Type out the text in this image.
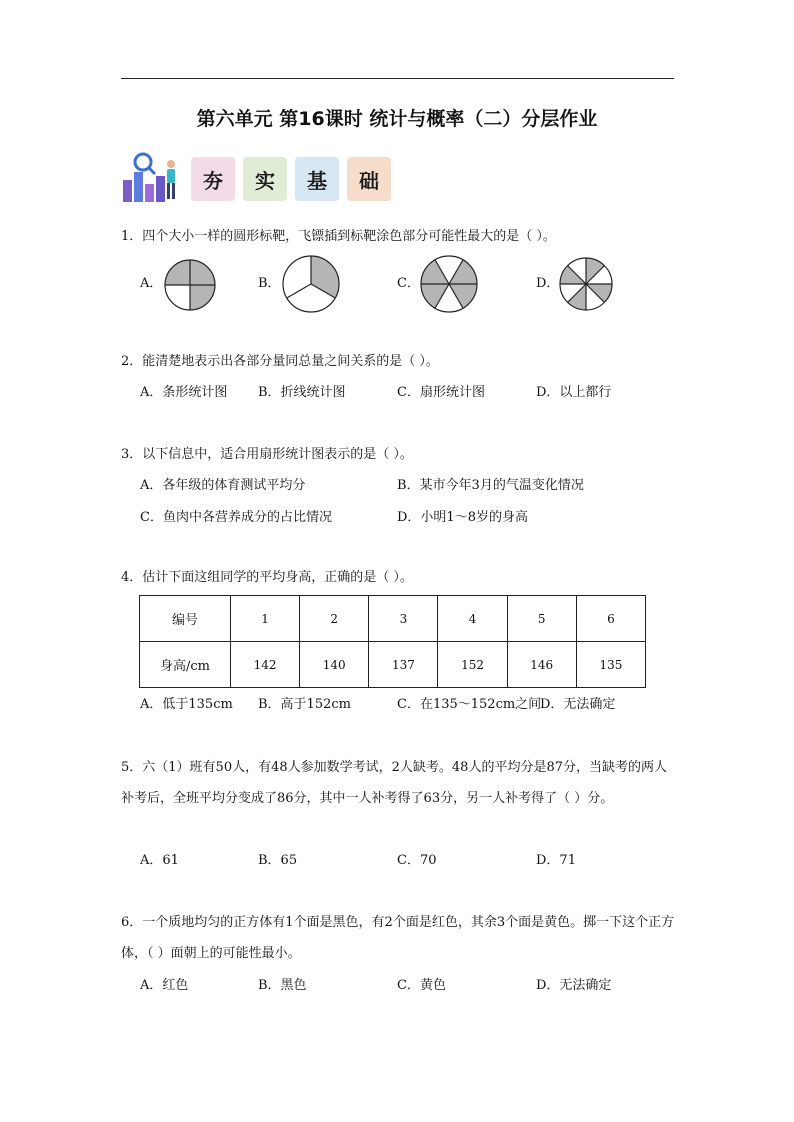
第六单元 第16课时 统计与概率（二）分层作业
夯 实 基 础
1．四个大小一样的圆形标靶，飞镖插到标靶涂色部分可能性最大的是（ ）。
A．	B．	C．	D．
2．能清楚地表示出各部分量同总量之间关系的是（ ）。
A．条形统计图 B．折线统计图	C．扇形统计图	D．以上都行
3．以下信息中，适合用扇形统计图表示的是（ ）。
A．各年级的体育测试平均分	B．某市今年3月的气温变化情况
C．鱼肉中各营养成分的占比情况	D．小明1～8岁的身高
4．估计下面这组同学的平均身高，正确的是（ ）。
编号	1	2	3	4	5	6
身高/cm	142	140	137	152	146	135
A．低于135cm B．高于152cm	C．在135～152cm之间
D．无法确定
5．六（1）班有50人，有48人参加数学考试，2人缺考。48人的平均分是87分，当缺考的两人补考后，全班平均分变成了86分，其中一人补考得了63分，另一人补考得了（ ）分。
A．61	B．65	C．70	D．71
6．一个质地均匀的正方体有1个面是黑色，有2个面是红色，其余3个面是黄色。掷一下这个正方体，（ ）面朝上的可能性最小。
A．红色	B．黑色	C．黄色	D．无法确定
